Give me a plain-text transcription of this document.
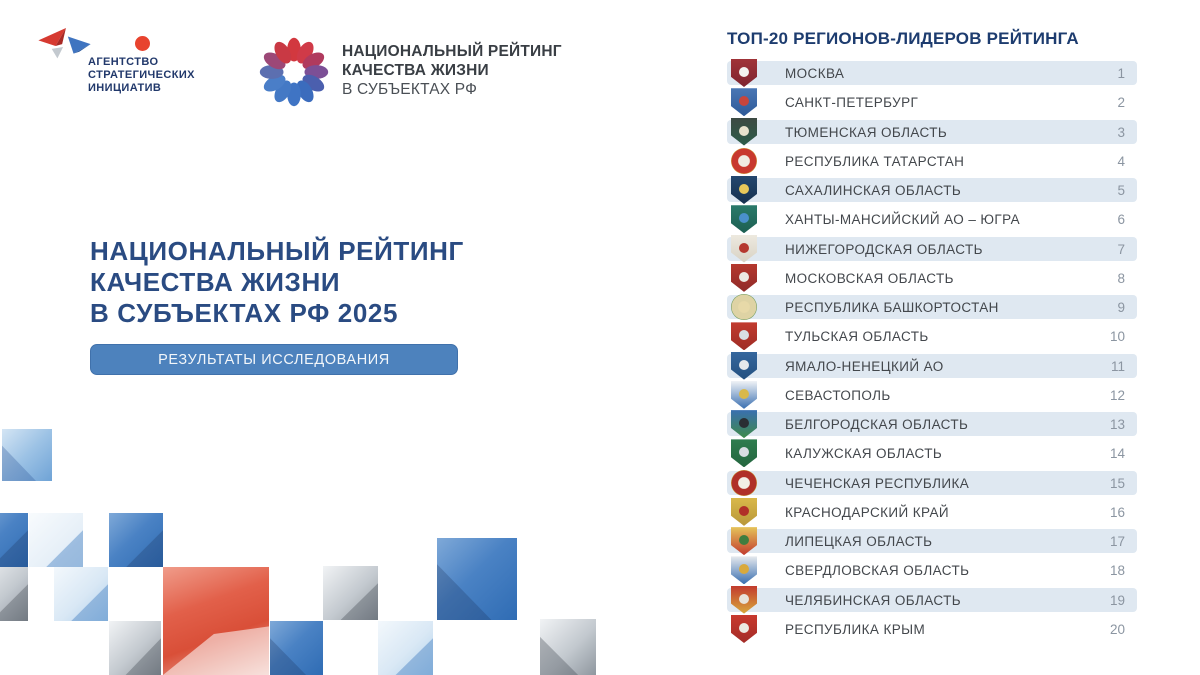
АГЕНТСТВО
СТРАТЕГИЧЕСКИХ
ИНИЦИАТИВ
НАЦИОНАЛЬНЫЙ РЕЙТИНГ
КАЧЕСТВА ЖИЗНИ
В СУБЪЕКТАХ РФ
НАЦИОНАЛЬНЫЙ РЕЙТИНГ
КАЧЕСТВА ЖИЗНИ
В СУБЪЕКТАХ РФ 2025
РЕЗУЛЬТАТЫ ИССЛЕДОВАНИЯ
ТОП-20 РЕГИОНОВ-ЛИДЕРОВ РЕЙТИНГА
МОСКВА	1
САНКТ-ПЕТЕРБУРГ	2
ТЮМЕНСКАЯ ОБЛАСТЬ	3
РЕСПУБЛИКА ТАТАРСТАН	4
САХАЛИНСКАЯ ОБЛАСТЬ	5
ХАНТЫ-МАНСИЙСКИЙ АО – ЮГРА	6
НИЖЕГОРОДСКАЯ ОБЛАСТЬ	7
МОСКОВСКАЯ ОБЛАСТЬ	8
РЕСПУБЛИКА БАШКОРТОСТАН	9
ТУЛЬСКАЯ ОБЛАСТЬ	10
ЯМАЛО-НЕНЕЦКИЙ АО	11
СЕВАСТОПОЛЬ	12
БЕЛГОРОДСКАЯ ОБЛАСТЬ	13
КАЛУЖСКАЯ ОБЛАСТЬ	14
ЧЕЧЕНСКАЯ РЕСПУБЛИКА	15
КРАСНОДАРСКИЙ КРАЙ	16
ЛИПЕЦКАЯ ОБЛАСТЬ	17
СВЕРДЛОВСКАЯ ОБЛАСТЬ	18
ЧЕЛЯБИНСКАЯ ОБЛАСТЬ	19
РЕСПУБЛИКА КРЫМ	20
